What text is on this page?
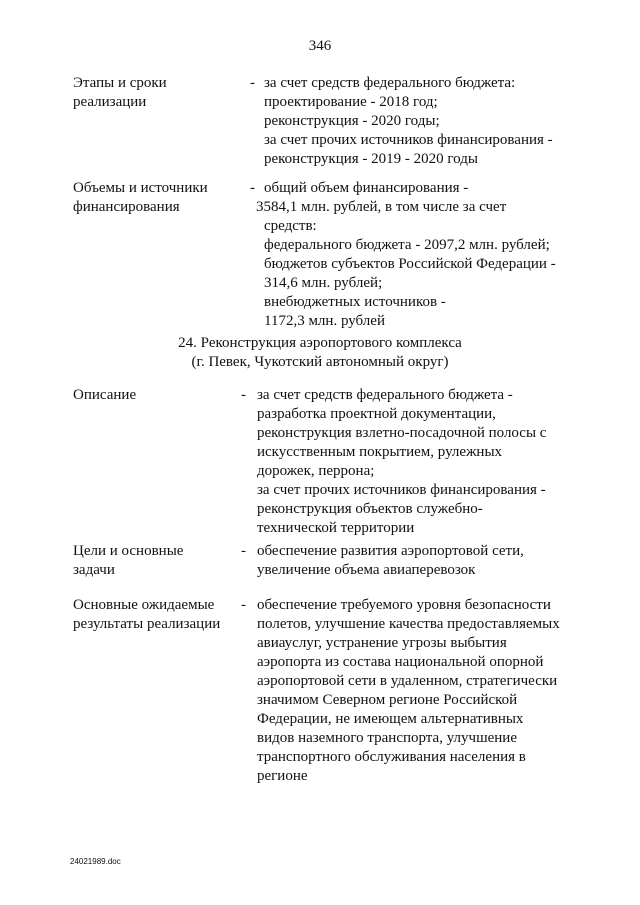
346
Этапы и сроки
реализации
- за счет средств федерального бюджета:
проектирование - 2018 год;
реконструкция - 2020 годы;
за счет прочих источников финансирования -
реконструкция - 2019 - 2020 годы
Объемы и источники
финансирования
- общий объем финансирования -
3584,1 млн. рублей, в том числе за счет
средств:
федерального бюджета - 2097,2 млн. рублей;
бюджетов субъектов Российской Федерации -
314,6 млн. рублей;
внебюджетных источников -
1172,3 млн. рублей
24. Реконструкция аэропортового комплекса
(г. Певек, Чукотский автономный округ)
Описание	- за счет средств федерального бюджета -
разработка проектной документации,
реконструкция взлетно-посадочной полосы с
искусственным покрытием, рулежных
дорожек, перрона;
за счет прочих источников финансирования -
реконструкция объектов служебно-
технической территории
Цели и основные
задачи
- обеспечение развития аэропортовой сети,
увеличение объема авиаперевозок
Основные ожидаемые
результаты реализации
- обеспечение требуемого уровня безопасности
полетов, улучшение качества предоставляемых
авиауслуг, устранение угрозы выбытия
аэропорта из состава национальной опорной
аэропортовой сети в удаленном, стратегически
значимом Северном регионе Российской
Федерации, не имеющем альтернативных
видов наземного транспорта, улучшение
транспортного обслуживания населения в
регионе
24021989.doc
